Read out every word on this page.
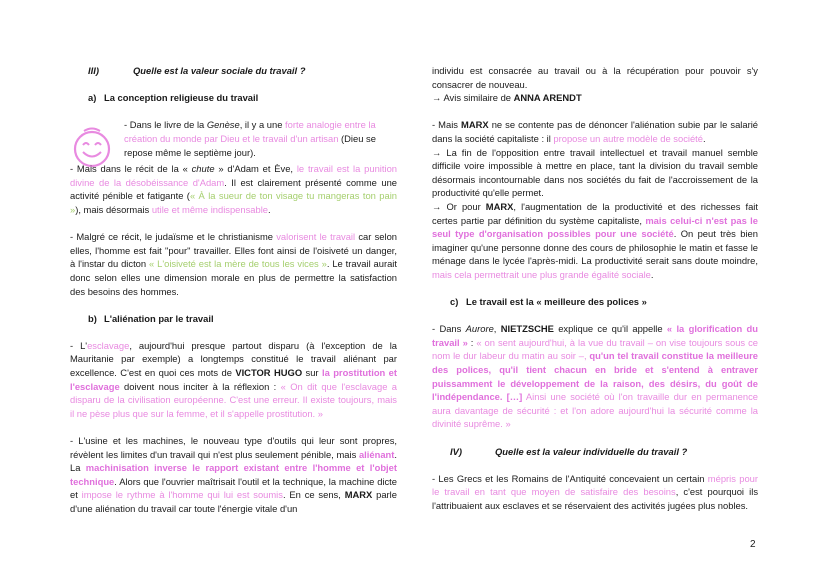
III)	Quelle est la valeur sociale du travail ?
a) La conception religieuse du travail

- Dans le livre de la Genèse, il y a une forte analogie entre la création du monde par Dieu et le travail d'un artisan (Dieu se repose même le septième jour).

- Mais dans le récit de la « chute » d'Adam et Ève, le travail est la punition divine de la désobéissance d'Adam. Il est clairement présenté comme une activité pénible et fatigante (« À la sueur de ton visage tu mangeras ton pain »), mais désormais utile et même indispensable.

- Malgré ce récit, le judaïsme et le christianisme valorisent le travail car selon elles, l'homme est fait "pour" travailler. Elles font ainsi de l'oisiveté un danger, à l'instar du dicton « L'oisiveté est la mère de tous les vices ». Le travail aurait donc selon elles une dimension morale en plus de permettre la satisfaction des besoins des hommes.

b) L'aliénation par le travail

- L'esclavage, aujourd'hui presque partout disparu (à l'exception de la Mauritanie par exemple) a longtemps constitué le travail aliénant par excellence. C'est en quoi ces mots de VICTOR HUGO sur la prostitution et l'esclavage doivent nous inciter à la réflexion : « On dit que l'esclavage a disparu de la civilisation européenne. C'est une erreur. Il existe toujours, mais il ne pèse plus que sur la femme, et il s'appelle prostitution. »

- L'usine et les machines, le nouveau type d'outils qui leur sont propres, révèlent les limites d'un travail qui n'est plus seulement pénible, mais aliénant. La machinisation inverse le rapport existant entre l'homme et l'objet technique. Alors que l'ouvrier maîtrisait l'outil et la technique, la machine dicte et impose le rythme à l'homme qui lui est soumis. En ce sens, MARX parle d'une aliénation du travail car toute l'énergie vitale d'un

individu est consacrée au travail ou à la récupération pour pouvoir s'y consacrer de nouveau.

→ Avis similaire de ANNA ARENDT

- Mais MARX ne se contente pas de dénoncer l'aliénation subie par le salarié dans la société capitaliste : il propose un autre modèle de société.

→ La fin de l'opposition entre travail intellectuel et travail manuel semble difficile voire impossible à mettre en place, tant la division du travail semble désormais incontournable dans nos sociétés du fait de l'accroissement de la productivité qu'elle permet.

→ Or pour MARX, l'augmentation de la productivité et des richesses fait certes partie par définition du système capitaliste, mais celui-ci n'est pas le seul type d'organisation possibles pour une société. On peut très bien imaginer qu'une personne donne des cours de philosophie le matin et fasse le ménage dans le lycée l'après-midi. La productivité serait sans doute moindre, mais cela permettrait une plus grande égalité sociale.

c) Le travail est la « meilleure des polices »

- Dans Aurore, NIETZSCHE explique ce qu'il appelle « la glorification du travail » : « on sent aujourd'hui, à la vue du travail – on vise toujours sous ce nom le dur labeur du matin au soir –, qu'un tel travail constitue la meilleure des polices, qu'il tient chacun en bride et s'entend à entraver puissamment le développement de la raison, des désirs, du goût de l'indépendance. […] Ainsi une société où l'on travaille dur en permanence aura davantage de sécurité : et l'on adore aujourd'hui la sécurité comme la divinité suprême. »

IV)	Quelle est la valeur individuelle du travail ?

- Les Grecs et les Romains de l'Antiquité concevaient un certain mépris pour le travail en tant que moyen de satisfaire des besoins, c'est pourquoi ils l'attribuaient aux esclaves et se réservaient des activités jugées plus nobles.

2
